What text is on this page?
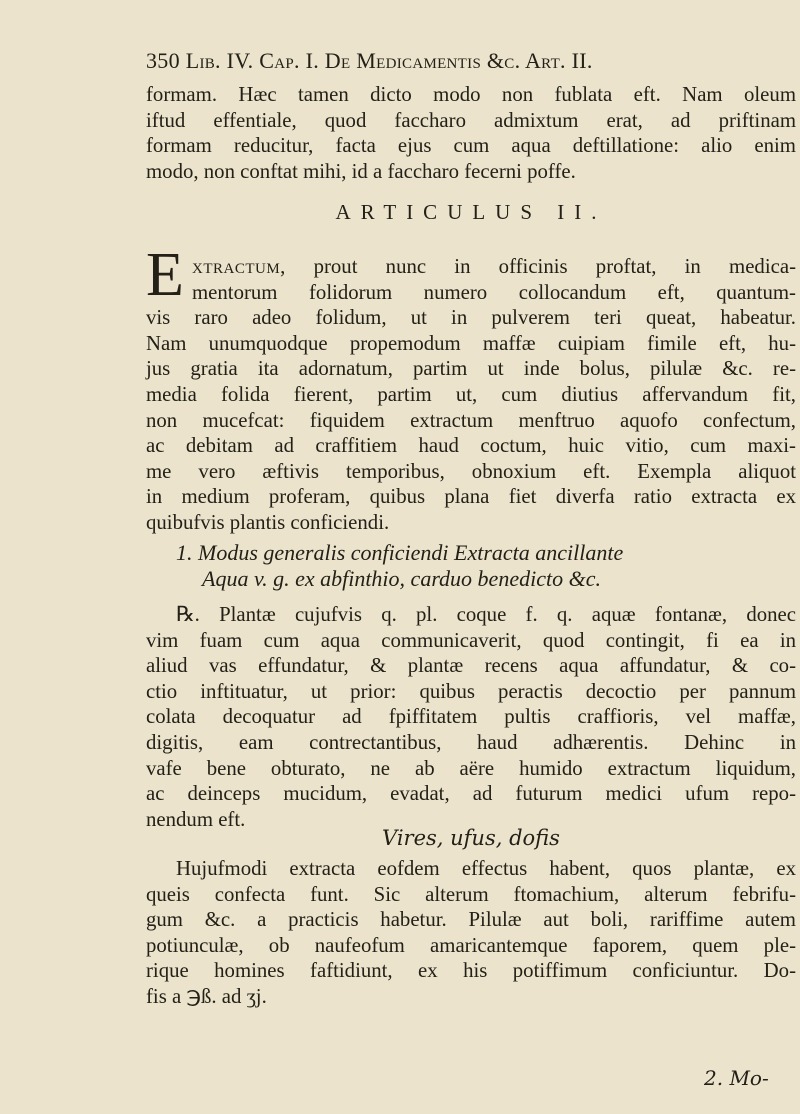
350 Lib. IV. Cap. I. De Medicamentis &c. Art. II.
formam. Hæc tamen dicto modo non fublata eft. Nam oleum
iftud effentiale, quod faccharo admixtum erat, ad priftinam
formam reducitur, facta ejus cum aqua deftillatione: alio enim
modo, non conftat mihi, id a faccharo fecerni poffe.
ARTICULUS II.
E xtractum, prout nunc in officinis proftat, in medica-
mentorum folidorum numero collocandum eft, quantum-
vis raro adeo folidum, ut in pulverem teri queat, habeatur.
Nam unumquodque propemodum maffæ cuipiam fimile eft, hu-
jus gratia ita adornatum, partim ut inde bolus, pilulæ &c. re-
media folida fierent, partim ut, cum diutius affervandum fit,
non mucefcat: fiquidem extractum menftruo aquofo confectum,
ac debitam ad craffitiem haud coctum, huic vitio, cum maxi-
me vero æftivis temporibus, obnoxium eft. Exempla aliquot
in medium proferam, quibus plana fiet diverfa ratio extracta ex
quibufvis plantis conficiendi.
1. Modus generalis conficiendi Extracta ancillante
Aqua v. g. ex abfinthio, carduo benedicto &c.
℞. Plantæ cujufvis q. pl. coque f. q. aquæ fontanæ, donec
vim fuam cum aqua communicaverit, quod contingit, fi ea in
aliud vas effundatur, & plantæ recens aqua affundatur, & co-
ctio inftituatur, ut prior: quibus peractis decoctio per pannum
colata decoquatur ad fpiffitatem pultis craffioris, vel maffæ,
digitis, eam contrectantibus, haud adhærentis. Dehinc in
vafe bene obturato, ne ab aëre humido extractum liquidum,
ac deinceps mucidum, evadat, ad futurum medici ufum repo-
nendum eft.
Vires, ufus, dofis
Hujufmodi extracta eofdem effectus habent, quos plantæ, ex
queis confecta funt. Sic alterum ftomachium, alterum febrifu-
gum &c. a practicis habetur. Pilulæ aut boli, rariffime autem
potiunculæ, ob naufeofum amaricantemque faporem, quem ple-
rique homines faftidiunt, ex his potiffimum conficiuntur. Do-
fis a ℈ß. ad ʒj.
2. Mo-
